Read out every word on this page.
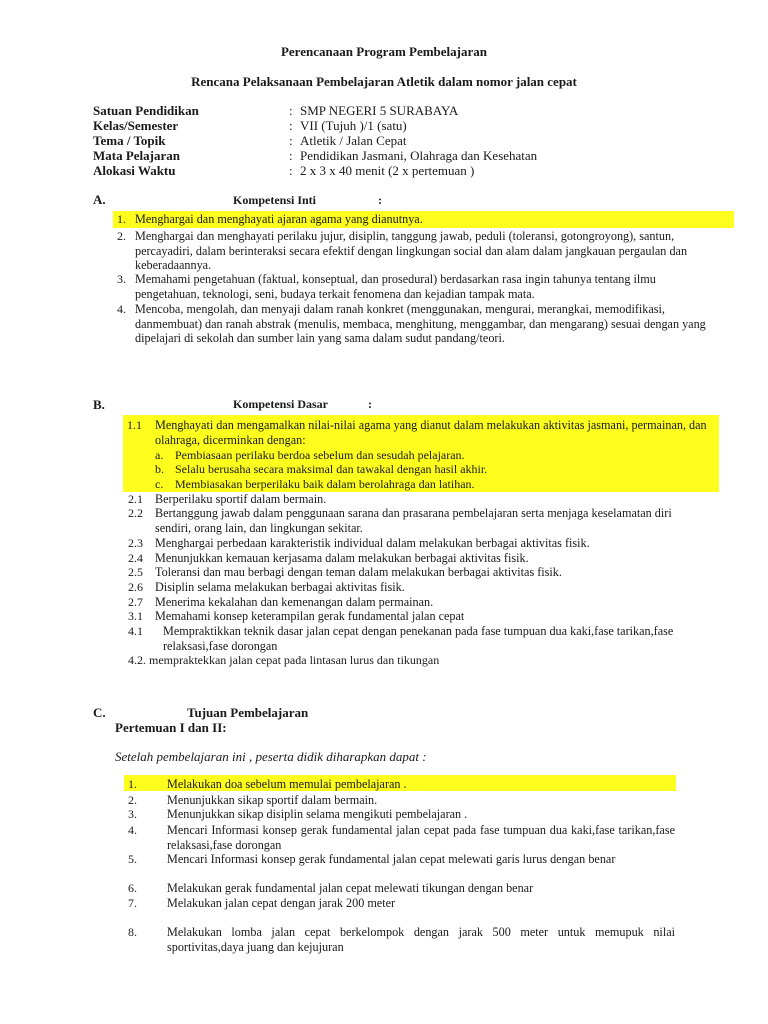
Perencanaan Program Pembelajaran
Rencana Pelaksanaan Pembelajaran Atletik dalam nomor jalan cepat
Satuan Pendidikan	: SMP NEGERI 5 SURABAYA
Kelas/Semester	: VII (Tujuh )/1 (satu)
Tema / Topik	: Atletik / Jalan Cepat
Mata Pelajaran	: Pendidikan Jasmani, Olahraga dan Kesehatan
Alokasi Waktu	: 2 x 3 x 40 menit (2 x pertemuan )
A.	Kompetensi Inti	:
1. Menghargai dan menghayati ajaran agama yang dianutnya.
2. Menghargai dan menghayati perilaku jujur, disiplin, tanggung jawab, peduli (toleransi, gotongroyong), santun, percayadiri, dalam berinteraksi secara efektif dengan lingkungan social dan alam dalam jangkauan pergaulan dan keberadaannya.
3. Memahami pengetahuan (faktual, konseptual, dan prosedural) berdasarkan rasa ingin tahunya tentang ilmu pengetahuan, teknologi, seni, budaya terkait fenomena dan kejadian tampak mata.
4. Mencoba, mengolah, dan menyaji dalam ranah konkret (menggunakan, mengurai, merangkai, memodifikasi, danmembuat) dan ranah abstrak (menulis, membaca, menghitung, menggambar, dan mengarang) sesuai dengan yang dipelajari di sekolah dan sumber lain yang sama dalam sudut pandang/teori.
B.	Kompetensi Dasar	:
1.1 Menghayati dan mengamalkan nilai-nilai agama yang dianut dalam melakukan aktivitas jasmani, permainan, dan olahraga, dicerminkan dengan:
a. Pembiasaan perilaku berdoa sebelum dan sesudah pelajaran.
b. Selalu berusaha secara maksimal dan tawakal dengan hasil akhir.
c. Membiasakan berperilaku baik dalam berolahraga dan latihan.
2.1 Berperilaku sportif dalam bermain.
2.2 Bertanggung jawab dalam penggunaan sarana dan prasarana pembelajaran serta menjaga keselamatan diri sendiri, orang lain, dan lingkungan sekitar.
2.3 Menghargai perbedaan karakteristik individual dalam melakukan berbagai aktivitas fisik.
2.4 Menunjukkan kemauan kerjasama dalam melakukan berbagai aktivitas fisik.
2.5 Toleransi dan mau berbagi dengan teman dalam melakukan berbagai aktivitas fisik.
2.6 Disiplin selama melakukan berbagai aktivitas fisik.
2.7 Menerima kekalahan dan kemenangan dalam permainan.
3.1 Memahami konsep keterampilan gerak fundamental jalan cepat
4.1 Mempraktikkan teknik dasar jalan cepat dengan penekanan pada fase tumpuan dua kaki,fase tarikan,fase relaksasi,fase dorongan
4.2. mempraktekkan jalan cepat pada lintasan lurus dan tikungan
C.	Tujuan Pembelajaran
Pertemuan I dan II:
Setelah pembelajaran ini , peserta didik diharapkan dapat :
1. Melakukan doa sebelum memulai pembelajaran .
2. Menunjukkan sikap sportif dalam bermain.
3. Menunjukkan sikap disiplin selama mengikuti pembelajaran .
4. Mencari Informasi konsep gerak fundamental jalan cepat pada fase tumpuan dua kaki,fase tarikan,fase relaksasi,fase dorongan
5. Mencari Informasi konsep gerak fundamental jalan cepat melewati garis lurus dengan benar
6. Melakukan gerak fundamental jalan cepat melewati tikungan dengan benar
7. Melakukan jalan cepat dengan jarak 200 meter
8. Melakukan lomba jalan cepat berkelompok dengan jarak 500 meter untuk memupuk nilai sportivitas,daya juang dan kejujuran
